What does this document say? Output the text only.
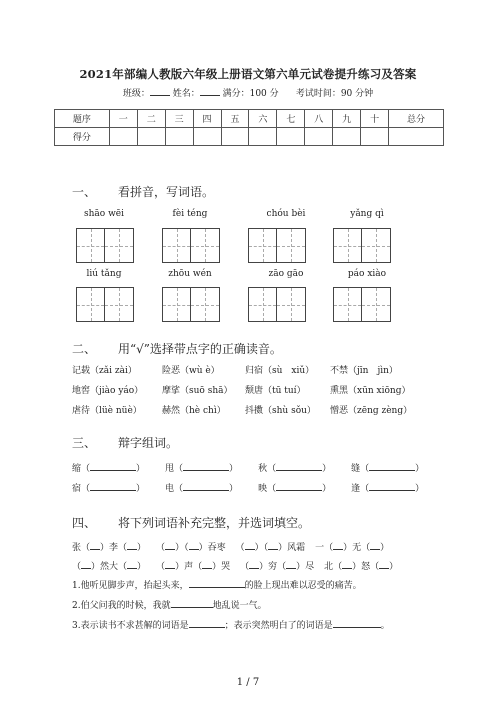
2021年部编人教版六年级上册语文第六单元试卷提升练习及答案
班级：	姓名：	满分：100 分 考试时间：90 分钟
题序	一	二	三	四	五	六	七	八	九	十	总分
得分											
一、 看拼音，写词语。
shāo wēi	fèi téng	chóu bèi	yǎng qì
liú tǎng	zhōu wén	zāo gāo	páo xiào
二、 用“√”选择带点字的正确读音。
记载（zǎi zài）	险恶（wù è）	归宿（sù　xiǔ） 不禁（jīn　jìn）
地窖（jiào yáo） 摩挲（suō shā） 颓唐（tū tuí）	熏黑（xūn xiōng）
虐待（lüè nüè） 赫然（hè chì） 抖擞（shù sǒu） 憎恶（zēng zèng）
三、 辩字组词。
缩（	） 甩（	） 秋（	） 缝（	）
宿（	） 电（	） 映（	） 逢（	）
四、 将下列词语补充完整，并选词填空。
张（ ）李（ ） （ ）（ ）吞枣 （ ）（ ）风霜 一（ ）无（ ）
（ ）然大（ ） （ ）声（ ）哭 （ ）穷（ ）尽 北（ ）怒（ ）
1.他听见脚步声，抬起头来，	的脸上现出难以忍受的痛苦。
2.伯父问我的时候，我就	地乱说一气。
3.表示读书不求甚解的词语是	；表示突然明白了的词语是	。
1 / 7
